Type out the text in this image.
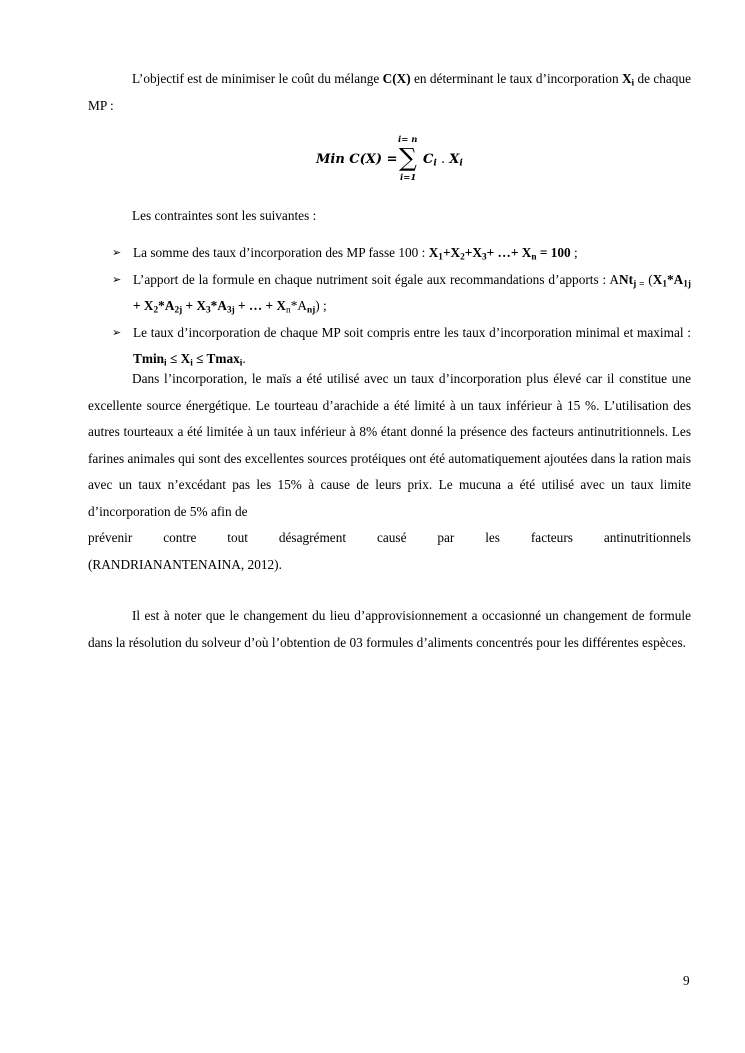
L’objectif est de minimiser le coût du mélange C(X) en déterminant le taux d’incorporation $X_i$ de chaque MP :

Min C(X) =
i= n
∑
i=1
$C_i$ . $X_i$

Les contraintes sont les suivantes :

➢ La somme des taux d’incorporation des MP fasse 100 : $X_1+X_2+X_3+$ …+ $X_n = 100$ ;
➢ L’apport de la formule en chaque nutriment soit égale aux recommandations d’apports : ANt$_{j =}$ ($X_1*A_{1j} + X_2*A_{2j} + X_3*A_{3j}$ + … + $X_n*A_{nj}$) ;
➢ Le taux d’incorporation de chaque MP soit compris entre les taux d’incorporation minimal et maximal : $Tmin_i \le X_i \le Tmax_i$.

Dans l’incorporation, le maïs a été utilisé avec un taux d’incorporation plus élevé car il constitue une excellente source énergétique. Le tourteau d’arachide a été limité à un taux inférieur à 15 %. L’utilisation des autres tourteaux a été limitée à un taux inférieur à 8% étant donné la présence des facteurs antinutritionnels. Les farines animales qui sont des excellentes sources protéiques ont été automatiquement ajoutées dans la ration mais avec un taux n’excédant pas les 15% à cause de leurs prix. Le mucuna a été utilisé avec un taux limite d’incorporation de 5% afin de

prévenir contre tout désagrément causé par les facteurs antinutritionnels
(RANDRIANANTENAINA, 2012).

Il est à noter que le changement du lieu d’approvisionnement a occasionné un changement de formule dans la résolution du solveur d’où l’obtention de 03 formules d’aliments concentrés pour les différentes espèces.

9
